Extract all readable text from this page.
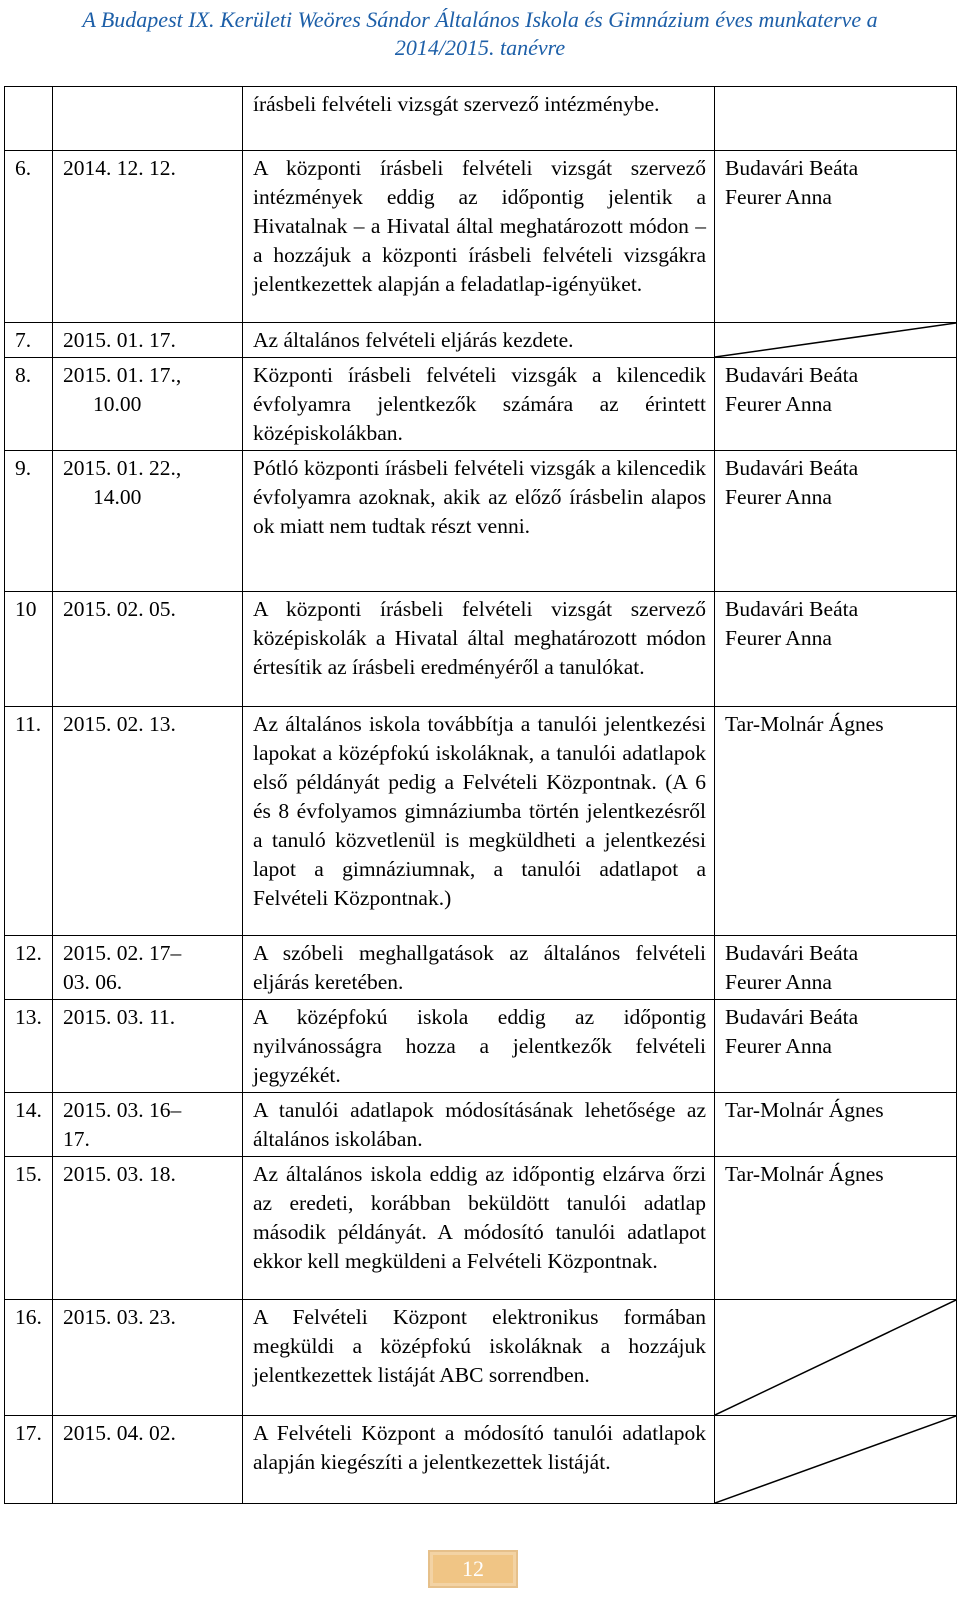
A Budapest IX. Kerületi Weöres Sándor Általános Iskola és Gimnázium éves munkaterve a
2014/2015. tanévre
		írásbeli felvételi vizsgát szervező intézménybe.	
6.	2014. 12. 12.	A központi írásbeli felvételi vizsgát szervező intézmények eddig az időpontig jelentik a Hivatalnak – a Hivatal által meghatározott módon – a hozzájuk a központi írásbeli felvételi vizsgákra jelentkezettek alapján a feladatlap-igényüket.	Budavári Beáta
Feurer Anna

7.	2015. 01. 17.	Az általános felvételi eljárás kezdete.	

8.	2015. 01. 17.,
10.00	Központi írásbeli felvételi vizsgák a kilencedik évfolyamra jelentkezők számára az érintett középiskolákban.	Budavári Beáta
Feurer Anna

9.	2015. 01. 22.,
14.00	Pótló központi írásbeli felvételi vizsgák a kilencedik évfolyamra azoknak, akik az előző írásbelin alapos ok miatt nem tudtak részt venni.	Budavári Beáta
Feurer Anna

10	2015. 02. 05.	A központi írásbeli felvételi vizsgát szervező középiskolák a Hivatal által meghatározott módon értesítik az írásbeli eredményéről a tanulókat.	Budavári Beáta
Feurer Anna

11.	2015. 02. 13.	Az általános iskola továbbítja a tanulói jelentkezési lapokat a középfokú iskoláknak, a tanulói adatlapok első példányát pedig a Felvételi Központnak. (A 6 és 8 évfolyamos gimnáziumba történ jelentkezésről a tanuló közvetlenül is megküldheti a jelentkezési lapot a gimnáziumnak, a tanulói adatlapot a Felvételi Központnak.)	Tar-Molnár Ágnes

12.	2015. 02. 17–
03. 06.	A szóbeli meghallgatások az általános felvételi eljárás keretében.	Budavári Beáta
Feurer Anna

13.	2015. 03. 11.	A középfokú iskola eddig az időpontig nyilvánosságra hozza a jelentkezők felvételi jegyzékét.	Budavári Beáta
Feurer Anna

14.	2015. 03. 16–
17.	A tanulói adatlapok módosításának lehetősége az általános iskolában.	Tar-Molnár Ágnes

15.	2015. 03. 18.	Az általános iskola eddig az időpontig elzárva őrzi az eredeti, korábban beküldött tanulói adatlap második példányát. A módosító tanulói adatlapot ekkor kell megküldeni a Felvételi Központnak.	Tar-Molnár Ágnes

16.	2015. 03. 23.	A Felvételi Központ elektronikus formában megküldi a középfokú iskoláknak a hozzájuk jelentkezettek listáját ABC sorrendben.	

17.	2015. 04. 02.	A Felvételi Központ a módosító tanulói adatlapok alapján kiegészíti a jelentkezettek listáját.	
12
